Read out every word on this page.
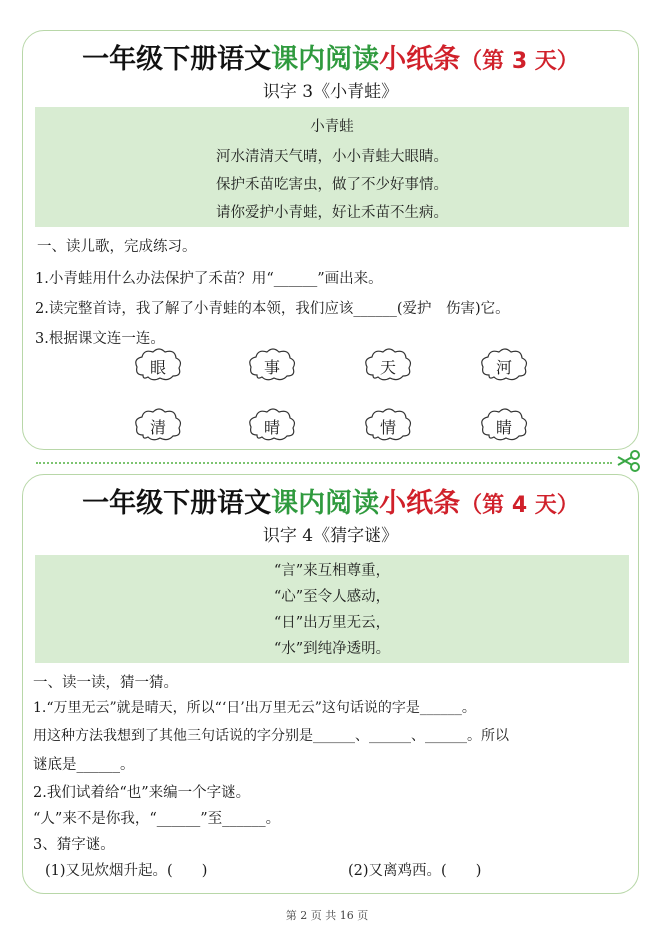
一年级下册语文课内阅读小纸条（第 3 天）
识字 3《小青蛙》
小青蛙
河水清清天气晴，小小青蛙大眼睛。
保护禾苗吃害虫，做了不少好事情。
请你爱护小青蛙，好让禾苗不生病。
一、读儿歌，完成练习。
1.小青蛙用什么办法保护了禾苗？用“______”画出来。
2.读完整首诗，我了解了小青蛙的本领，我们应该______(爱护　伤害)它。
3.根据课文连一连。
眼	事	天	河
清	晴	情	睛
一年级下册语文课内阅读小纸条（第 4 天）
识字 4《猜字谜》
“言”来互相尊重，
“心”至令人感动，
“日”出万里无云，
“水”到纯净透明。
一、读一读，猜一猜。
1.“万里无云”就是晴天，所以“‘日’出万里无云”这句话说的字是______。
用这种方法我想到了其他三句话说的字分别是______、______、______。所以
谜底是______。
2.我们试着给“也”来编一个字谜。
“人”来不是你我，“______”至______。
3、猜字谜。
(1)又见炊烟升起。(　　)	(2)又离鸡西。(　　)
第 2 页 共 16 页
